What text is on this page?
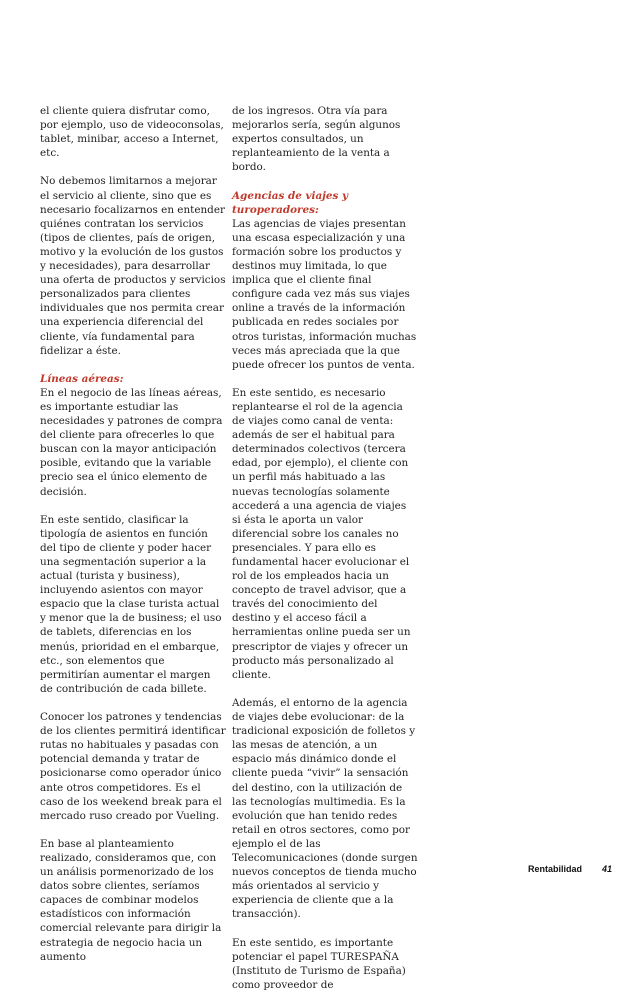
el cliente quiera disfrutar como, por ejemplo, uso de videoconsolas, tablet, minibar, acceso a Internet, etc.

No debemos limitarnos a mejorar el servicio al cliente, sino que es necesario focalizarnos en entender quiénes contratan los servicios (tipos de clientes, país de origen, motivo y la evolución de los gustos y necesidades), para desarrollar una oferta de productos y servicios personalizados para clientes individuales que nos permita crear una experiencia diferencial del cliente, vía fundamental para fidelizar a éste.

Líneas aéreas:

En el negocio de las líneas aéreas, es importante estudiar las necesidades y patrones de compra del cliente para ofrecerles lo que buscan con la mayor anticipación posible, evitando que la variable precio sea el único elemento de decisión.

En este sentido, clasificar la tipología de asientos en función del tipo de cliente y poder hacer una segmentación superior a la actual (turista y business), incluyendo asientos con mayor espacio que la clase turista actual y menor que la de business; el uso de tablets, diferencias en los menús, prioridad en el embarque, etc., son elementos que permitirían aumentar el margen de contribución de cada billete.

Conocer los patrones y tendencias de los clientes permitirá identificar rutas no habituales y pasadas con potencial demanda y tratar de posicionarse como operador único ante otros competidores. Es el caso de los weekend break para el mercado ruso creado por Vueling.

En base al planteamiento realizado, consideramos que, con un análisis pormenorizado de los datos sobre clientes, seríamos capaces de combinar modelos estadísticos con información comercial relevante para dirigir la estrategia de negocio hacia un aumento

de los ingresos. Otra vía para mejorarlos sería, según algunos expertos consultados, un replanteamiento de la venta a bordo.

Agencias de viajes y turoperadores:

Las agencias de viajes presentan una escasa especialización y una formación sobre los productos y destinos muy limitada, lo que implica que el cliente final configure cada vez más sus viajes online a través de la información publicada en redes sociales por otros turistas, información muchas veces más apreciada que la que puede ofrecer los puntos de venta.

En este sentido, es necesario replantearse el rol de la agencia de viajes como canal de venta: además de ser el habitual para determinados colectivos (tercera edad, por ejemplo), el cliente con un perfil más habituado a las nuevas tecnologías solamente accederá a una agencia de viajes si ésta le aporta un valor diferencial sobre los canales no presenciales. Y para ello es fundamental hacer evolucionar el rol de los empleados hacia un concepto de travel advisor, que a través del conocimiento del destino y el acceso fácil a herramientas online pueda ser un prescriptor de viajes y ofrecer un producto más personalizado al cliente.

Además, el entorno de la agencia de viajes debe evolucionar: de la tradicional exposición de folletos y las mesas de atención, a un espacio más dinámico donde el cliente pueda “vivir” la sensación del destino, con la utilización de las tecnologías multimedia. Es la evolución que han tenido redes retail en otros sectores, como por ejemplo el de las Telecomunicaciones (donde surgen nuevos conceptos de tienda mucho más orientados al servicio y experiencia de cliente que a la transacción).

En este sentido, es importante potenciar el papel TURESPAÑA (Instituto de Turismo de España) como proveedor de

Rentabilidad 41
